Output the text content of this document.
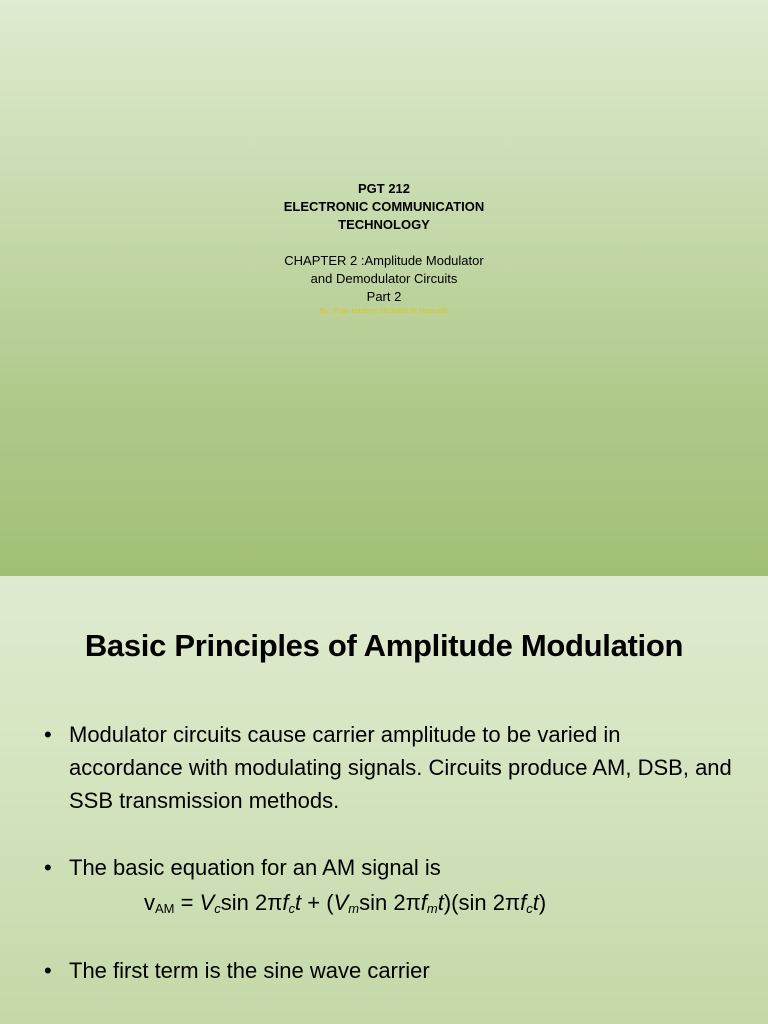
PGT 212
ELECTRONIC COMMUNICATION
TECHNOLOGY
CHAPTER 2 :Amplitude Modulator
and Demodulator Circuits
Part 2
By : Puan Hasleny Shuhaida Bt Hasnudin
Basic Principles of Amplitude Modulation
• Modulator circuits cause carrier amplitude to be varied in accordance with modulating signals. Circuits produce AM, DSB, and SSB transmission methods.
• The basic equation for an AM signal is
$v_{AM} = V_c\sin$ $2\pi f_ct + (V_m\sin$ $2\pi f_mt)(\sin$ $2\pi f_ct$)
• The first term is the sine wave carrier
